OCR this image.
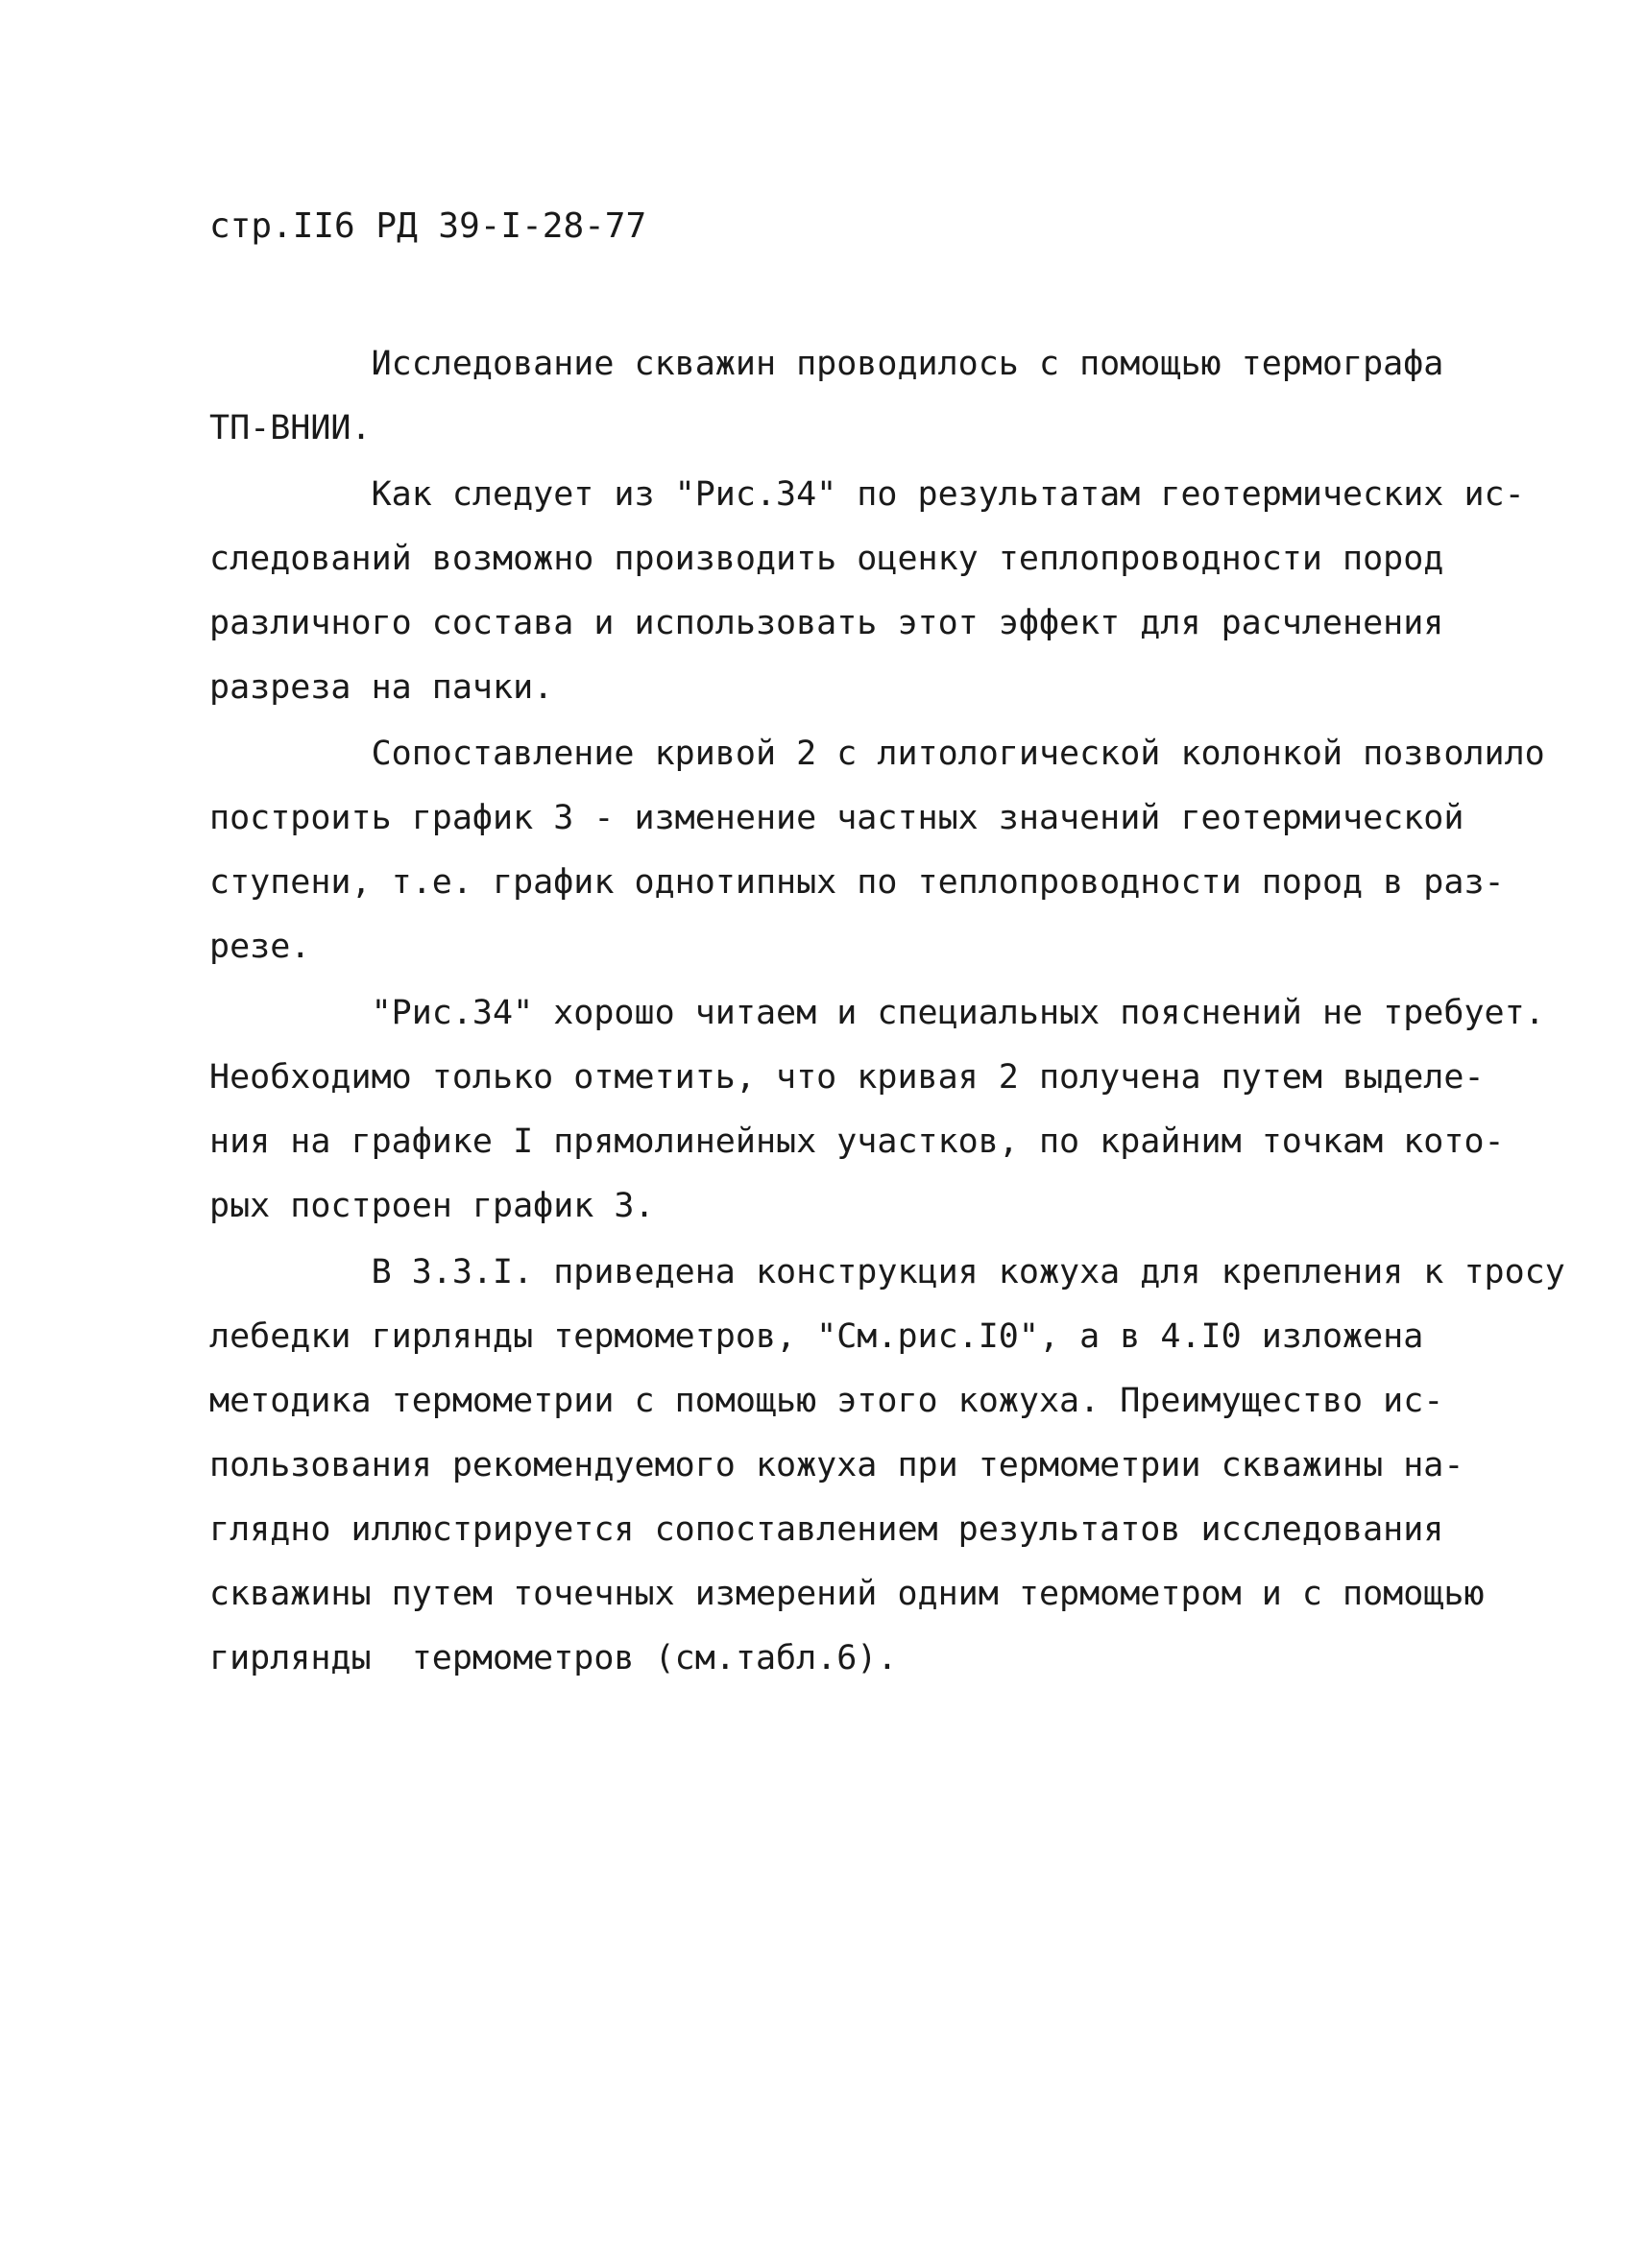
стр.II6 РД 39-I-28-77
Исследование скважин проводилось с помощью термографа
ТП-ВНИИ.
Как следует из "Рис.34" по результатам геотермических ис-
следований возможно производить оценку теплопроводности пород
различного состава и использовать этот эффект для расчленения
разреза на пачки.
Сопоставление кривой 2 с литологической колонкой позволило
построить график 3 - изменение частных значений геотермической
ступени, т.е. график однотипных по теплопроводности пород в раз-
резе.
"Рис.34" хорошо читаем и специальных пояснений не требует.
Необходимо только отметить, что кривая 2 получена путем выделе-
ния на графике I прямолинейных участков, по крайним точкам кото-
рых построен график 3.
В 3.3.I. приведена конструкция кожуха для крепления к тросу
лебедки гирлянды термометров, "См.рис.I0", а в 4.I0 изложена
методика термометрии с помощью этого кожуха. Преимущество ис-
пользования рекомендуемого кожуха при термометрии скважины на-
глядно иллюстрируется сопоставлением результатов исследования
скважины путем точечных измерений одним термометром и с помощью
гирлянды  термометров (см.табл.6).
